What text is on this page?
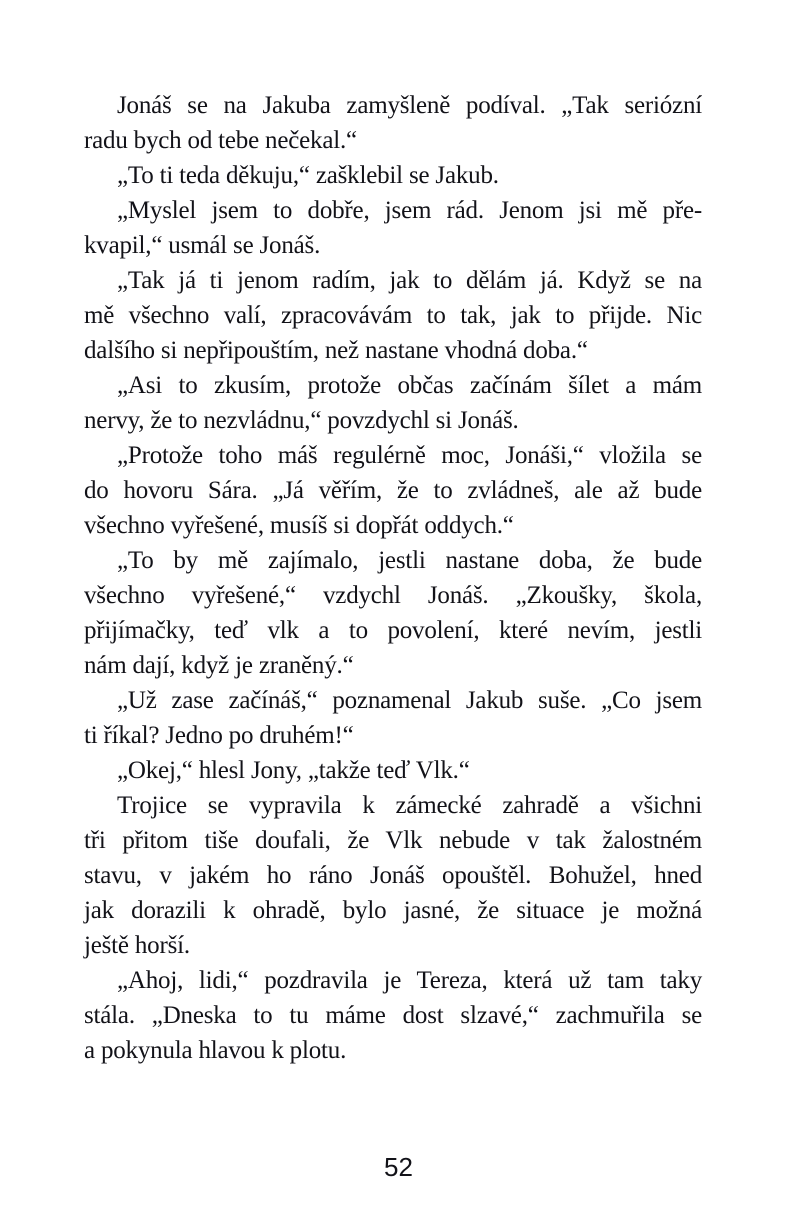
Jonáš se na Jakuba zamyšleně podíval. „Tak seriózní
radu bych od tebe nečekal.“
„To ti teda děkuju,“ zašklebil se Jakub.
„Myslel jsem to dobře, jsem rád. Jenom jsi mě pře-
kvapil,“ usmál se Jonáš.
„Tak já ti jenom radím, jak to dělám já. Když se na
mě všechno valí, zpracovávám to tak, jak to přijde. Nic
dalšího si nepřipouštím, než nastane vhodná doba.“
„Asi to zkusím, protože občas začínám šílet a mám
nervy, že to nezvládnu,“ povzdychl si Jonáš.
„Protože toho máš regulérně moc, Jonáši,“ vložila se
do hovoru Sára. „Já věřím, že to zvládneš, ale až bude
všechno vyřešené, musíš si dopřát oddych.“
„To by mě zajímalo, jestli nastane doba, že bude
všechno vyřešené,“ vzdychl Jonáš. „Zkoušky, škola,
přijímačky, teď vlk a to povolení, které nevím, jestli
nám dají, když je zraněný.“
„Už zase začínáš,“ poznamenal Jakub suše. „Co jsem
ti říkal? Jedno po druhém!“
„Okej,“ hlesl Jony, „takže teď Vlk.“
Trojice se vypravila k zámecké zahradě a všichni
tři přitom tiše doufali, že Vlk nebude v tak žalostném
stavu, v jakém ho ráno Jonáš opouštěl. Bohužel, hned
jak dorazili k ohradě, bylo jasné, že situace je možná
ještě horší.
„Ahoj, lidi,“ pozdravila je Tereza, která už tam taky
stála. „Dneska to tu máme dost slzavé,“ zachmuřila se
a pokynula hlavou k plotu.
52
